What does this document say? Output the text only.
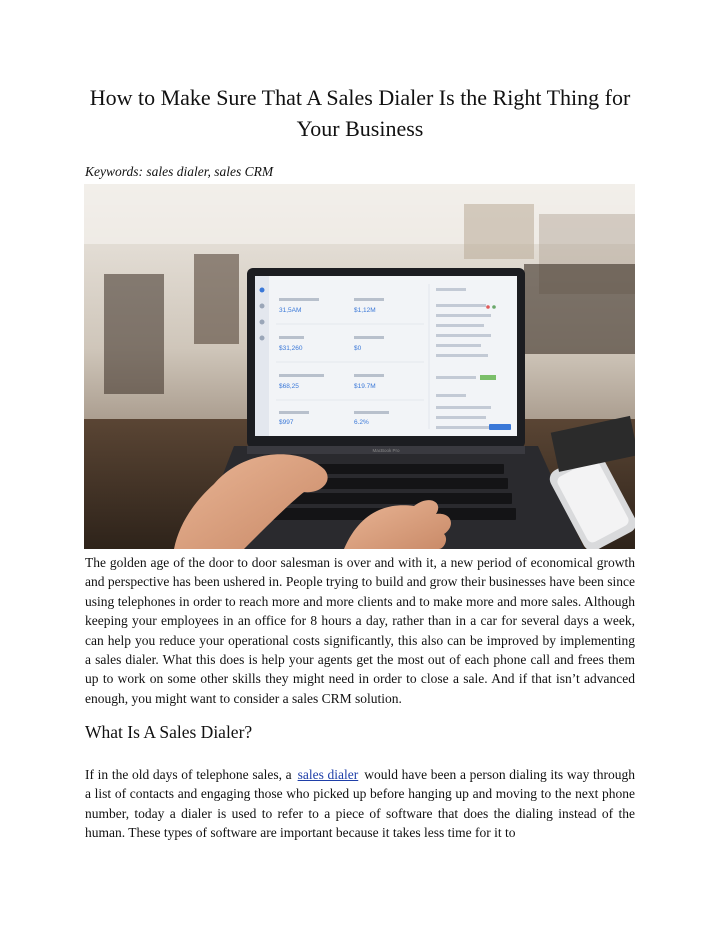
How to Make Sure That A Sales Dialer Is the Right Thing for Your Business

Keywords: sales dialer, sales CRM

31,5AM	$1,12M
$31,260	$0
$68,25	$19.7M
$997	6.2%
MacBook Pro

The golden age of the door to door salesman is over and with it, a new period of economical growth and perspective has been ushered in. People trying to build and grow their businesses have been since using telephones in order to reach more and more clients and to make more and more sales. Although keeping your employees in an office for 8 hours a day, rather than in a car for several days a week, can help you reduce your operational costs significantly, this also can be improved by implementing a sales dialer. What this does is help your agents get the most out of each phone call and frees them up to work on some other skills they might need in order to close a sale. And if that isn’t advanced enough, you might want to consider a sales CRM solution.

What Is A Sales Dialer?

If in the old days of telephone sales, a sales dialer would have been a person dialing its way through a list of contacts and engaging those who picked up before hanging up and moving to the next phone number, today a dialer is used to refer to a piece of software that does the dialing instead of the human. These types of software are important because it takes less time for it to
